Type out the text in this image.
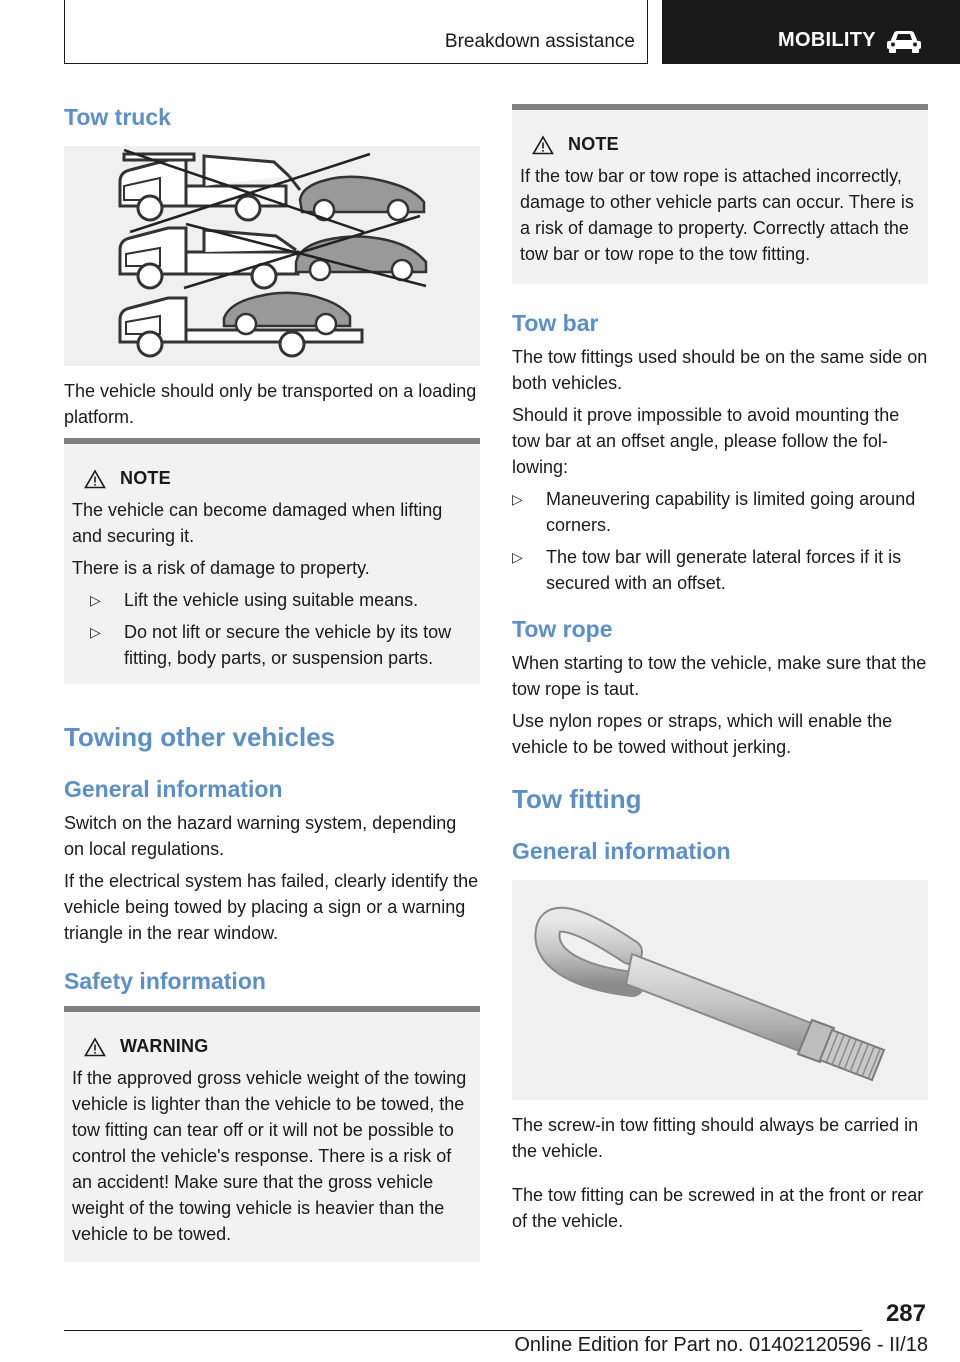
Breakdown assistance	MOBILITY
Tow truck
The vehicle should only be transported on a loading platform.
NOTE
The vehicle can become damaged when lifting and securing it.
There is a risk of damage to property.
▷	Lift the vehicle using suitable means.
▷	Do not lift or secure the vehicle by its tow fitting, body parts, or suspension parts.
Towing other vehicles
General information
Switch on the hazard warning system, depending on local regulations.
If the electrical system has failed, clearly identify the vehicle being towed by placing a sign or a warning triangle in the rear window.
Safety information
WARNING
If the approved gross vehicle weight of the towing vehicle is lighter than the vehicle to be towed, the tow fitting can tear off or it will not be possible to control the vehicle's response. There is a risk of an accident! Make sure that the gross vehicle weight of the towing vehicle is heavier than the vehicle to be towed.
NOTE
If the tow bar or tow rope is attached incorrectly, damage to other vehicle parts can occur. There is a risk of damage to property. Correctly attach the tow bar or tow rope to the tow fitting.
Tow bar
The tow fittings used should be on the same side on both vehicles.
Should it prove impossible to avoid mounting the tow bar at an offset angle, please follow the following:
▷	Maneuvering capability is limited going around corners.
▷	The tow bar will generate lateral forces if it is secured with an offset.
Tow rope
When starting to tow the vehicle, make sure that the tow rope is taut.
Use nylon ropes or straps, which will enable the vehicle to be towed without jerking.
Tow fitting
General information
The screw-in tow fitting should always be carried in the vehicle.
The tow fitting can be screwed in at the front or rear of the vehicle.
287
Online Edition for Part no. 01402120596 - II/18
